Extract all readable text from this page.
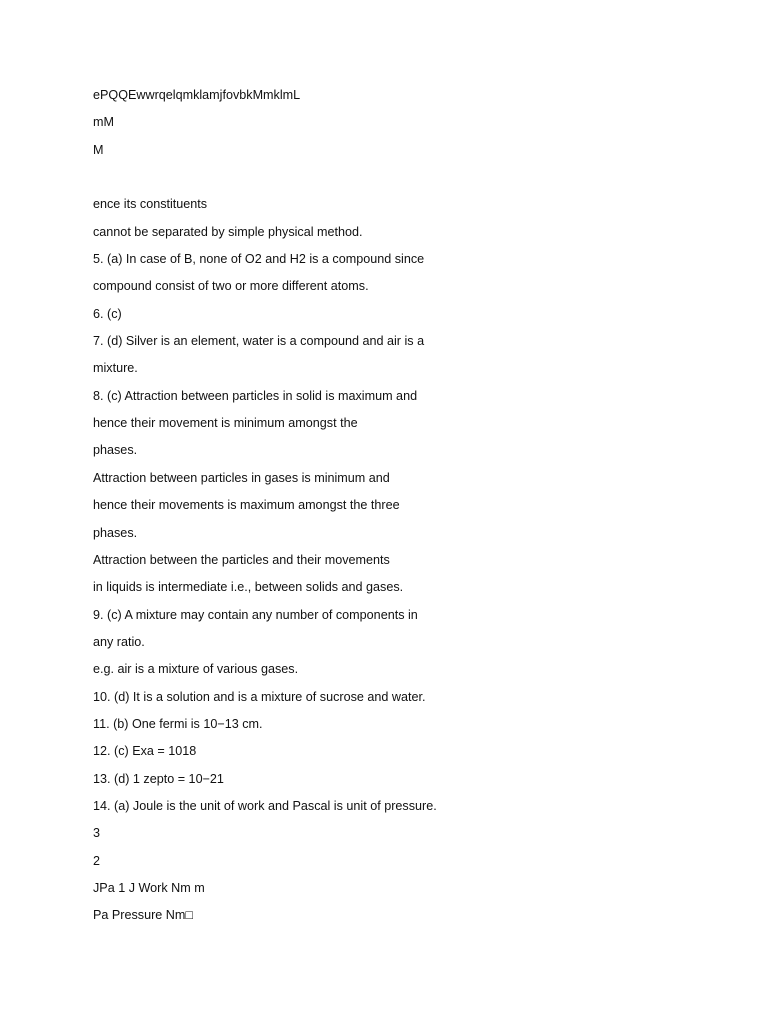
ePQQEwwrqelqmklamjfovbkMmklmL
mM
M
ence its constituents
cannot be separated by simple physical method.
5. (a) In case of B, none of O2 and H2 is a compound since
compound consist of two or more different atoms.
6. (c)
7. (d) Silver is an element, water is a compound and air is a
mixture.
8. (c) Attraction between particles in solid is maximum and
hence their movement is minimum amongst the
phases.
Attraction between particles in gases is minimum and
hence their movements is maximum amongst the three
phases.
Attraction between the particles and their movements
in liquids is intermediate i.e., between solids and gases.
9. (c) A mixture may contain any number of components in
any ratio.
e.g. air is a mixture of various gases.
10. (d) It is a solution and is a mixture of sucrose and water.
11. (b) One fermi is 10−13 cm.
12. (c) Exa = 1018
13. (d) 1 zepto = 10−21
14. (a) Joule is the unit of work and Pascal is unit of pressure.
3
2
JPa 1 J Work Nm m
Pa Pressure Nm□
